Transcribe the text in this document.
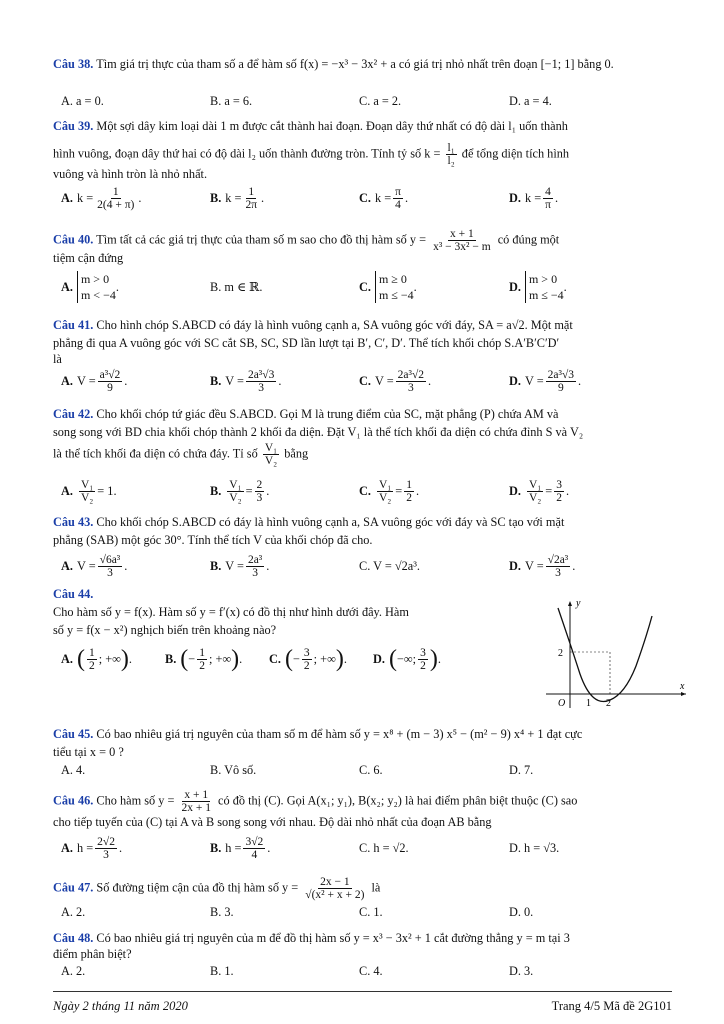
Câu 38. Tìm giá trị thực của tham số a để hàm số f(x) = −x³ − 3x² + a có giá trị nhỏ nhất trên đoạn [−1; 1] bằng 0.
A. a = 0.	B. a = 6.	C. a = 2.	D. a = 4.
Câu 39. Một sợi dây kim loại dài 1 m được cắt thành hai đoạn. Đoạn dây thứ nhất có độ dài l₁ uốn thành
hình vuông, đoạn dây thứ hai có độ dài l₂ uốn thành đường tròn. Tính tỷ số $k = \frac{\text{l₁}}{\text{l₂}}$ để tổng diện tích hình
vuông và hình tròn là nhỏ nhất.
A. $k = \frac{1}{2(4 + \pi)}$ .	B. $k = \frac{1}{2\pi}$ .	C. $k = \frac{\pi}{4}$ .	D. $k = \frac{4}{\pi}$ .
Câu 40. Tìm tất cả các giá trị thực của tham số m sao cho đồ thị hàm số $y = \frac{x + 1}{\text{x³ − 3x² − m}}$ có đúng một
tiệm cận đứng
A.
m > 0
m < −4
.	B. m ∈ ℝ.	C.
m ≥ 0
m ≤ −4
.	D.
m > 0
m ≤ −4
.
Câu 41. Cho hình chóp S.ABCD có đáy là hình vuông cạnh a, SA vuông góc với đáy, SA = a√2. Một mặt
phẳng đi qua A vuông góc với SC cắt SB, SC, SD lần lượt tại B′, C′, D′. Thể tích khối chóp S.A′B′C′D′
là
A. $V = \frac{\text{a³√2}}{9}$ .	B. $V = \frac{\text{2a³√3}}{3}$ .	C. $V = \frac{\text{2a³√2}}{3}$ .	D. $V = \frac{\text{2a³√3}}{9}$ .
Câu 42. Cho khối chóp tứ giác đều S.ABCD. Gọi M là trung điểm của SC, mặt phẳng (P) chứa AM và
song song với BD chia khối chóp thành 2 khối đa diện. Đặt V₁ là thể tích khối đa diện có chứa đỉnh S và V₂
là thể tích khối đa diện có chứa đáy. Tỉ số $\frac{\text{V₁}}{\text{V₂}}$ bằng
A. $\frac{\text{V₁}}{\text{V₂}} = 1$.	B. $\frac{\text{V₁}}{\text{V₂}} = \frac{2}{3}$ .	C. $\frac{\text{V₁}}{\text{V₂}} = \frac{1}{2}$ .	D. $\frac{\text{V₁}}{\text{V₂}} = \frac{3}{2}$ .
Câu 43. Cho khối chóp S.ABCD có đáy là hình vuông cạnh a, SA vuông góc với đáy và SC tạo với mặt
phẳng (SAB) một góc 30°. Tính thể tích V của khối chóp đã cho.
A. $V = \frac{\text{√6a³}}{3}$ .	B. $V = \frac{\text{2a³}}{3}$ .	C. V = √2a³.	D. $V = \frac{\text{√2a³}}{3}$ .
Câu 44.
Cho hàm số y = f(x). Hàm số y = f′(x) có đồ thị như hình dưới đây. Hàm
số y = f(x − x²) nghịch biến trên khoảng nào?
A. ( $\frac{1}{2}$ ; +∞ ) .	B. ( − $\frac{1}{2}$ ; +∞ ) . C. ( − $\frac{3}{2}$ ; +∞ ) . D. ( −∞; $\frac{3}{2}$ ) .
y
x
O 1 2
2
Câu 45. Có bao nhiêu giá trị nguyên của tham số m để hàm số y = x⁸ + (m − 3) x⁵ − (m² − 9) x⁴ + 1 đạt cực
tiểu tại x = 0 ?
A. 4.	B. Vô số.	C. 6.	D. 7.
Câu 46. Cho hàm số $y = \frac{x + 1}{2x + 1}$ có đồ thị (C). Gọi A(x₁; y₁), B(x₂; y₂) là hai điểm phân biệt thuộc (C) sao
cho tiếp tuyến của (C) tại A và B song song với nhau. Độ dài nhỏ nhất của đoạn AB bằng
A. $h = \frac{2√2}{3}$ .	B. $h = \frac{3√2}{4}$ .	C. h = √2.	D. h = √3.
Câu 47. Số đường tiệm cận của đồ thị hàm số $y = \frac{2x - 1}{\text{√(x² + x + 2)}}$ là
A. 2.	B. 3.	C. 1.	D. 0.
Câu 48. Có bao nhiêu giá trị nguyên của m để đồ thị hàm số y = x³ − 3x² + 1 cắt đường thẳng y = m tại 3
điểm phân biệt?
A. 2.	B. 1.	C. 4.	D. 3.
Ngày 2 tháng 11 năm 2020	Trang 4/5 Mã đề 2G101
